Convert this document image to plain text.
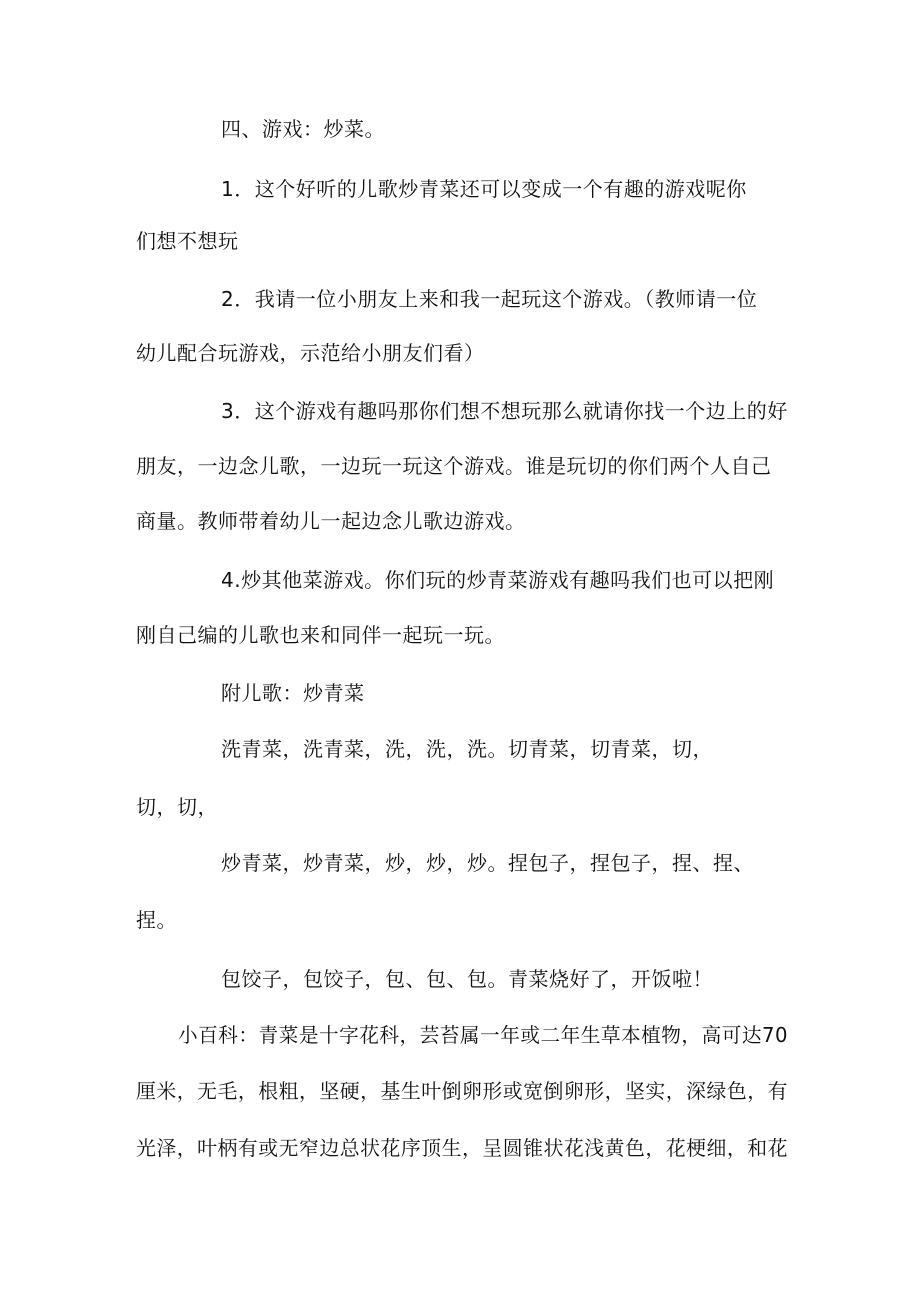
四、游戏：炒菜。
1．这个好听的儿歌炒青菜还可以变成一个有趣的游戏呢你
们想不想玩
2．我请一位小朋友上来和我一起玩这个游戏。（教师请一位
幼儿配合玩游戏，示范给小朋友们看）
3．这个游戏有趣吗那你们想不想玩那么就请你找一个边上的好
朋友，一边念儿歌，一边玩一玩这个游戏。谁是玩切的你们两个人自己
商量。教师带着幼儿一起边念儿歌边游戏。
4.炒其他菜游戏。你们玩的炒青菜游戏有趣吗我们也可以把刚
刚自己编的儿歌也来和同伴一起玩一玩。
附儿歌：炒青菜
洗青菜，洗青菜，洗，洗，洗。切青菜，切青菜，切，
切，切，
炒青菜，炒青菜，炒，炒，炒。捏包子，捏包子，捏、捏、
捏。
包饺子，包饺子，包、包、包。青菜烧好了，开饭啦！
小百科：青菜是十字花科，芸苔属一年或二年生草本植物，高可达70
厘米，无毛，根粗，坚硬，基生叶倒卵形或宽倒卵形，坚实，深绿色，有
光泽，叶柄有或无窄边总状花序顶生，呈圆锥状花浅黄色，花梗细，和花
